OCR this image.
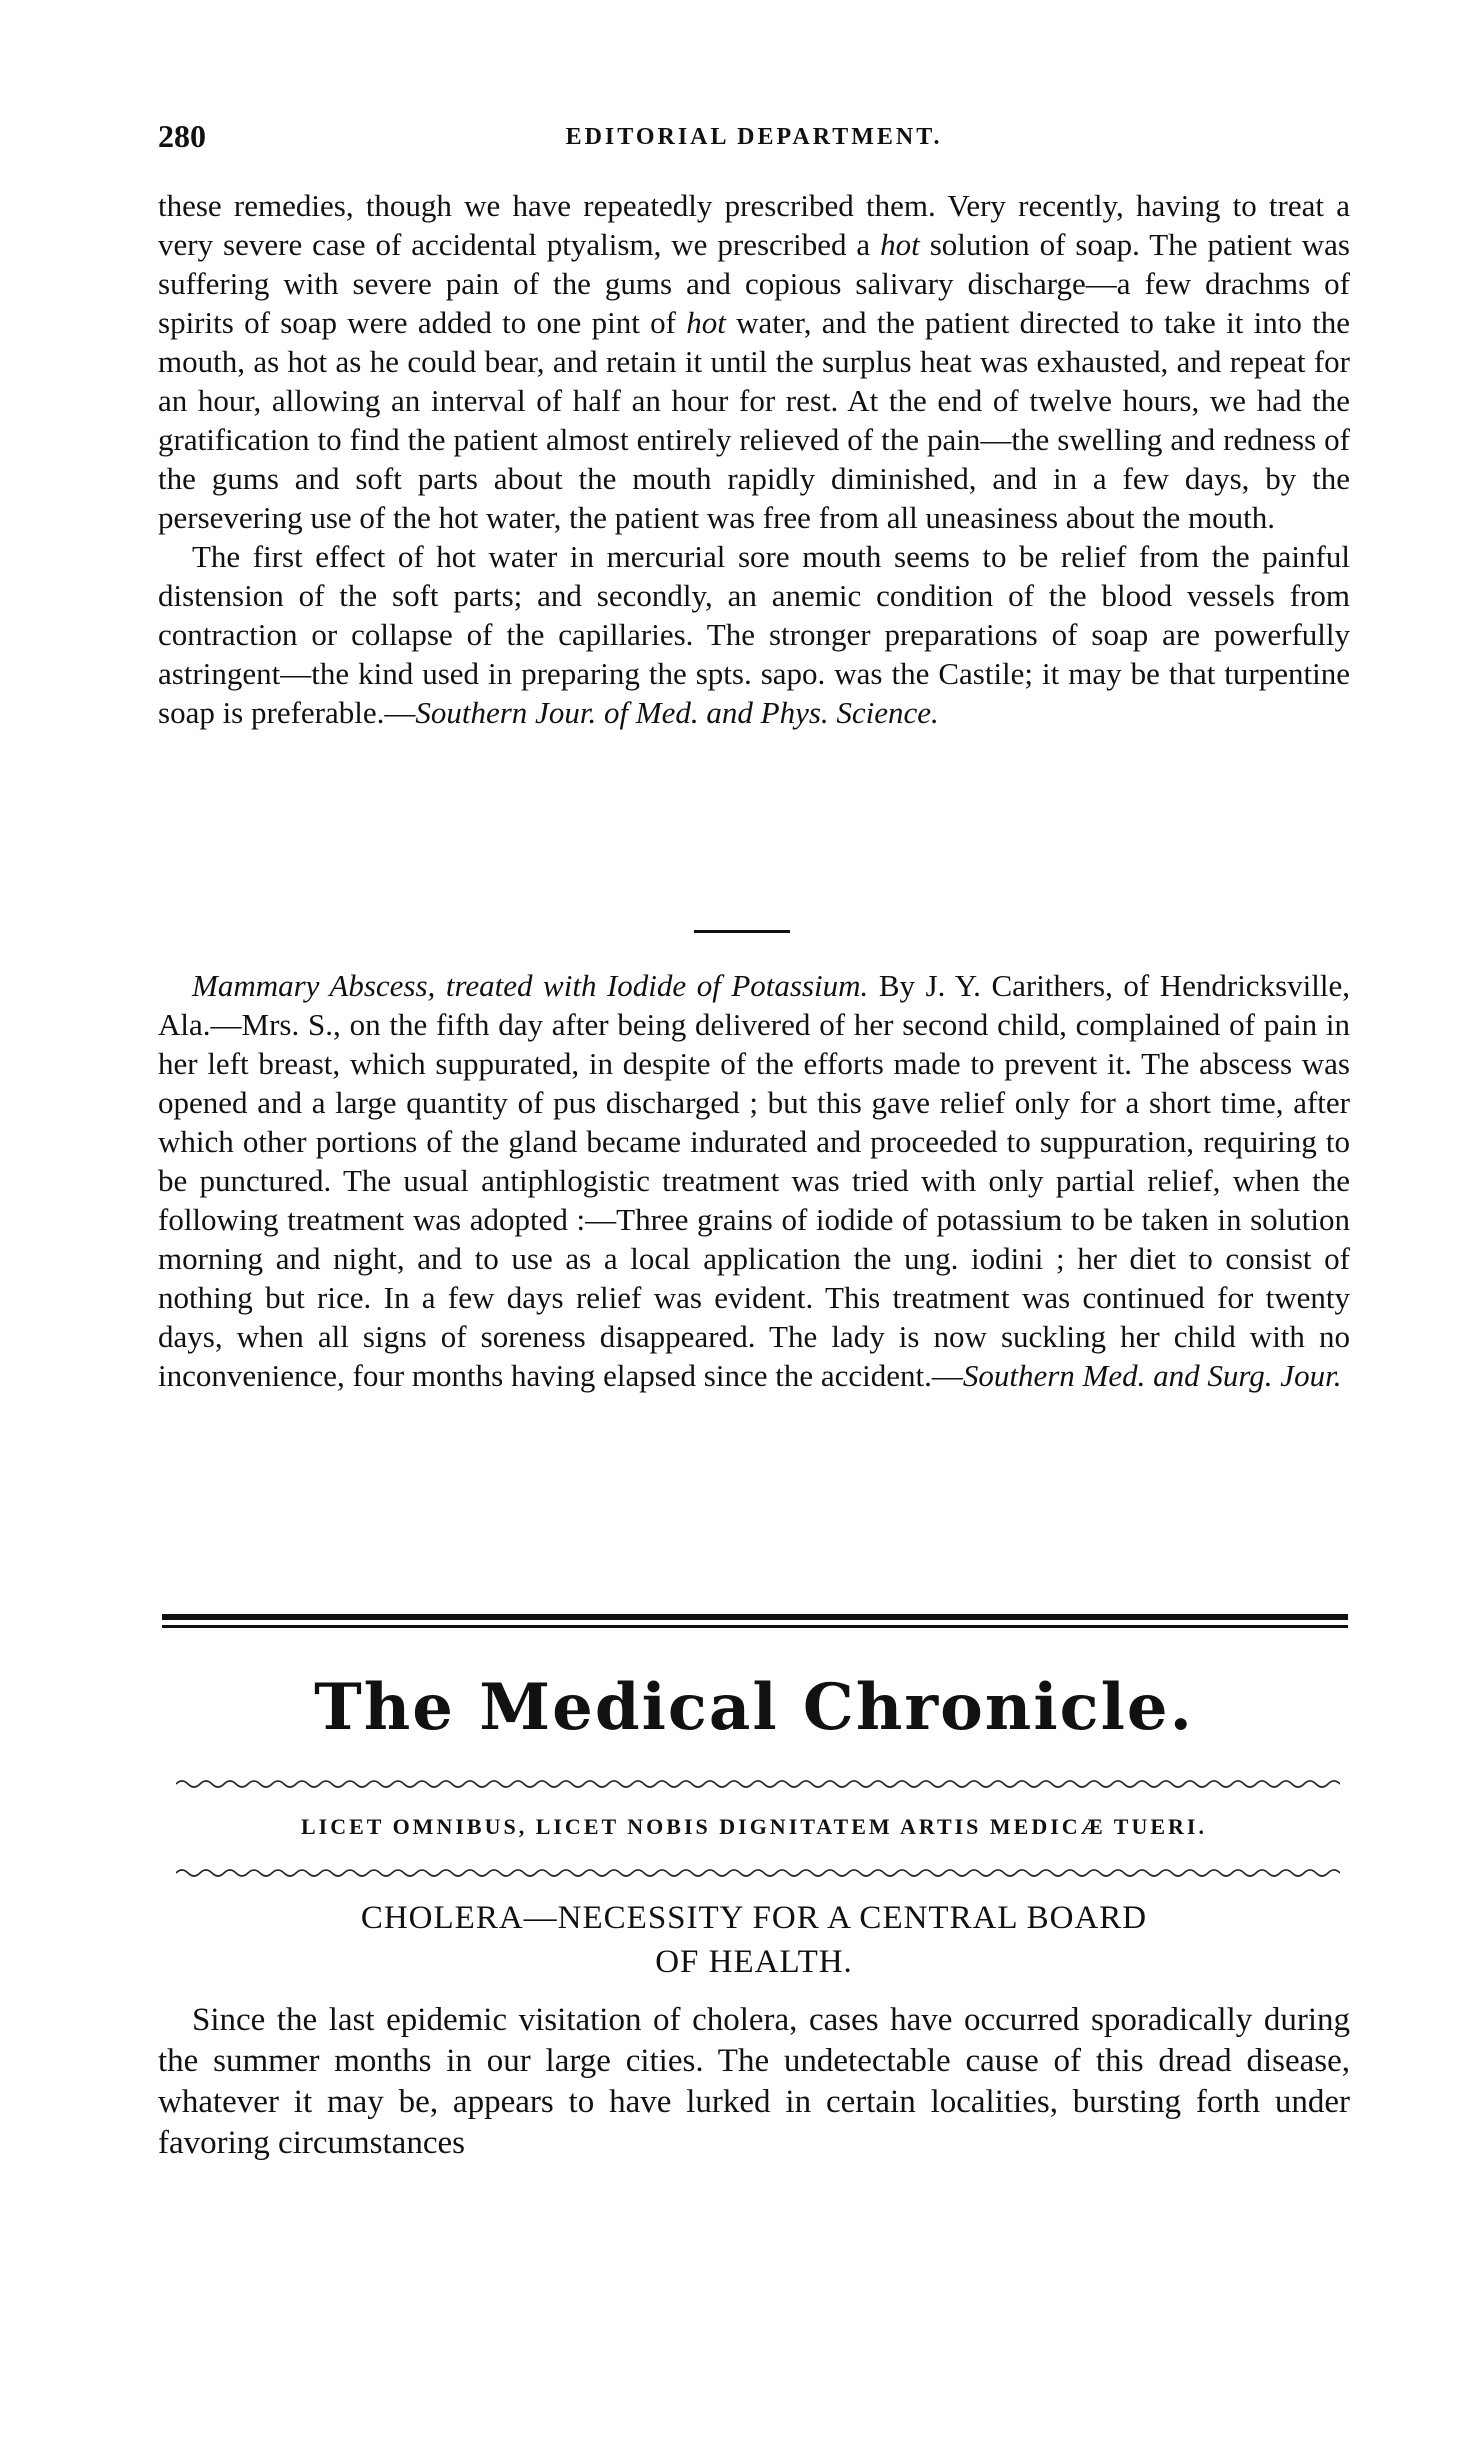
280	EDITORIAL DEPARTMENT.

these remedies, though we have repeatedly prescribed them. Very recently, having to treat a very severe case of accidental ptyalism, we prescribed a hot solution of soap. The patient was suffering with severe pain of the gums and copious salivary discharge—a few drachms of spirits of soap were added to one pint of hot water, and the patient directed to take it into the mouth, as hot as he could bear, and retain it until the surplus heat was exhausted, and repeat for an hour, allowing an interval of half an hour for rest. At the end of twelve hours, we had the gratification to find the patient almost entirely relieved of the pain—the swelling and redness of the gums and soft parts about the mouth rapidly diminished, and in a few days, by the persevering use of the hot water, the patient was free from all uneasiness about the mouth.

The first effect of hot water in mercurial sore mouth seems to be relief from the painful distension of the soft parts; and secondly, an anemic condition of the blood vessels from contraction or collapse of the capillaries. The stronger preparations of soap are powerfully astringent—the kind used in preparing the spts. sapo. was the Castile; it may be that turpentine soap is preferable.—Southern Jour. of Med. and Phys. Science.

Mammary Abscess, treated with Iodide of Potassium. By J. Y. Carithers, of Hendricksville, Ala.—Mrs. S., on the fifth day after being delivered of her second child, complained of pain in her left breast, which suppurated, in despite of the efforts made to prevent it. The abscess was opened and a large quantity of pus discharged ; but this gave relief only for a short time, after which other portions of the gland became indurated and proceeded to suppuration, requiring to be punctured. The usual antiphlogistic treatment was tried with only partial relief, when the following treatment was adopted :—Three grains of iodide of potassium to be taken in solution morning and night, and to use as a local application the ung. iodini ; her diet to consist of nothing but rice. In a few days relief was evident. This treatment was continued for twenty days, when all signs of soreness disappeared. The lady is now suckling her child with no inconvenience, four months having elapsed since the accident.—Southern Med. and Surg. Jour.

The Medical Chronicle.
LICET OMNIBUS, LICET NOBIS DIGNITATEM ARTIS MEDICÆ TUERI.
CHOLERA—NECESSITY FOR A CENTRAL BOARD
OF HEALTH.

Since the last epidemic visitation of cholera, cases have occurred sporadically during the summer months in our large cities. The undetectable cause of this dread disease, whatever it may be, appears to have lurked in certain localities, bursting forth under favoring circumstances
